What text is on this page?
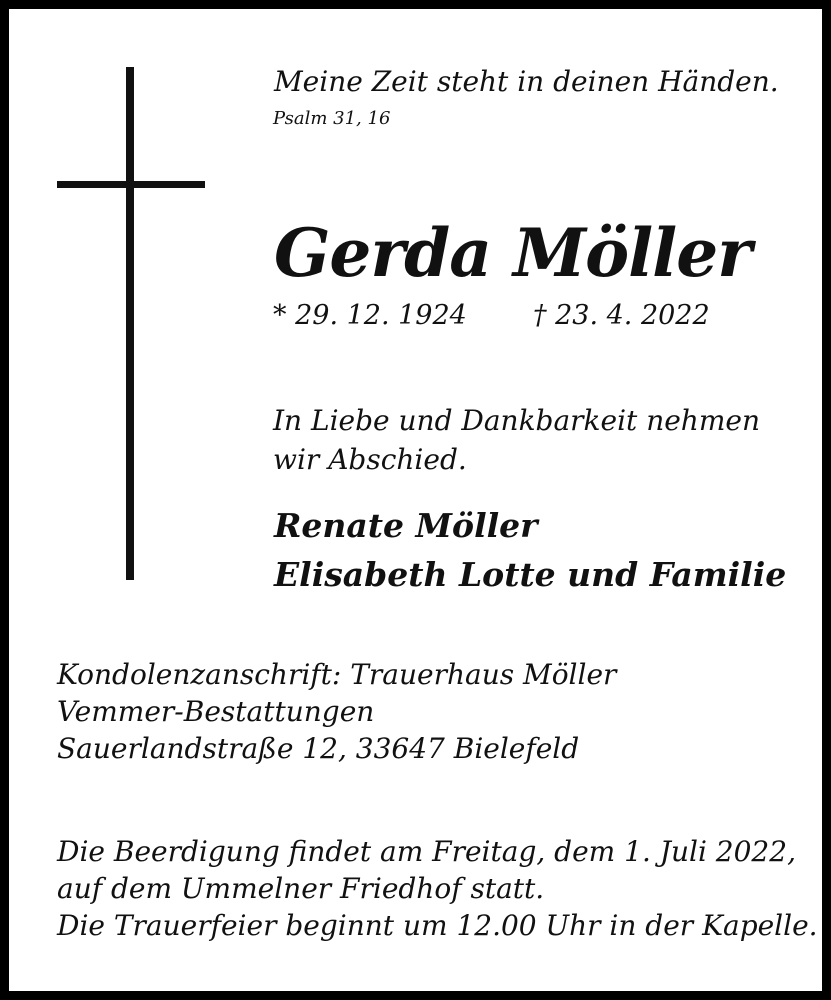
Meine Zeit steht in deinen Händen.
Psalm 31, 16
Gerda Möller
* 29. 12. 1924 † 23. 4. 2022
In Liebe und Dankbarkeit nehmen
wir Abschied.
Renate Möller
Elisabeth Lotte und Familie
Kondolenzanschrift: Trauerhaus Möller
Vemmer-Bestattungen
Sauerlandstraße 12, 33647 Bielefeld
Die Beerdigung findet am Freitag, dem 1. Juli 2022,
auf dem Ummelner Friedhof statt.
Die Trauerfeier beginnt um 12.00 Uhr in der Kapelle.
